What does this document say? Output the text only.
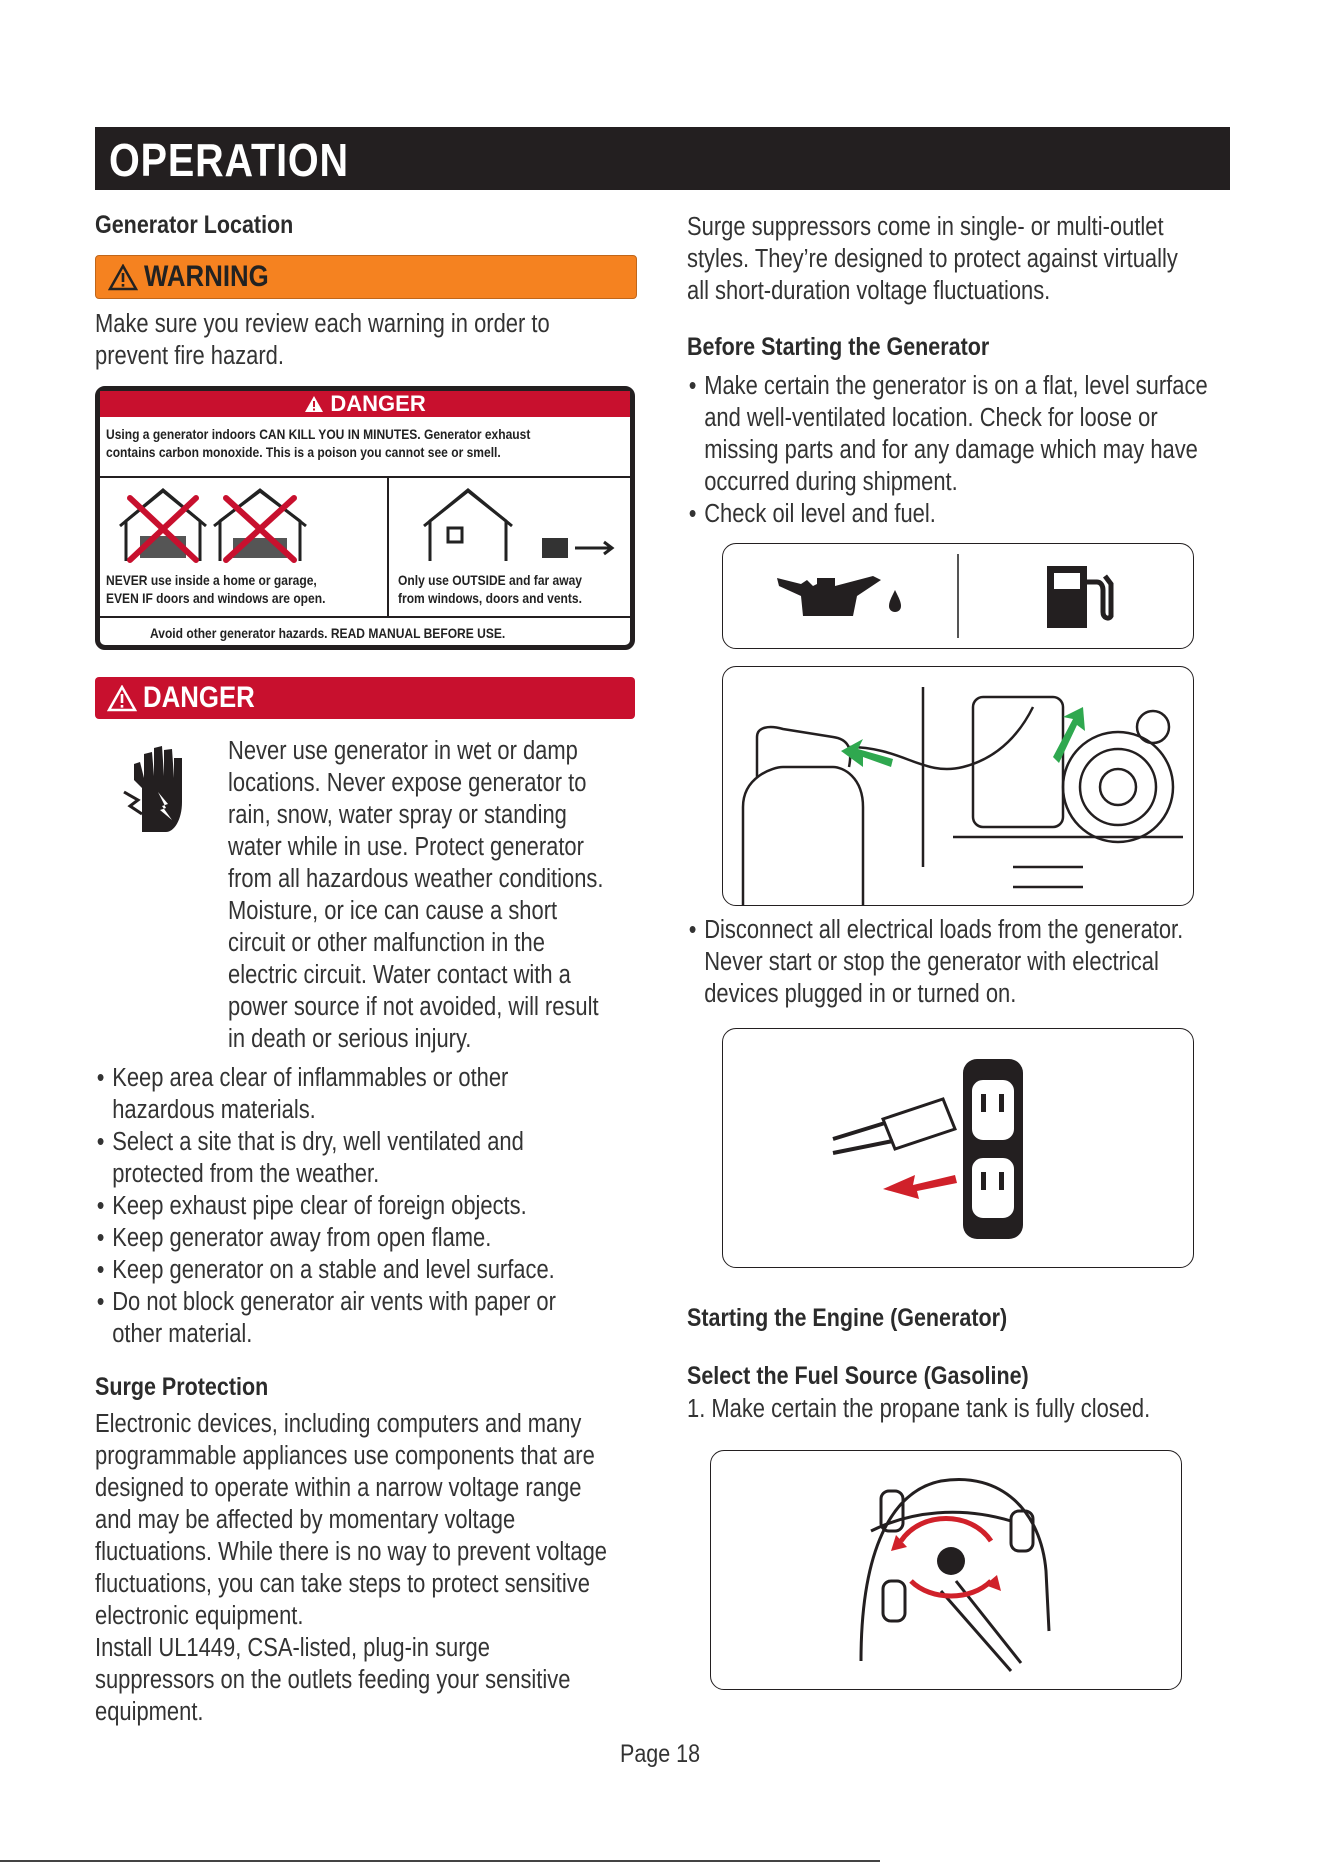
OPERATION
Generator Location
WARNING

Make sure you review each warning in order to

prevent fire hazard.

DANGER
Using a generator indoors CAN KILL YOU IN MINUTES. Generator exhaust
contains carbon monoxide. This is a poison you cannot see or smell.
NEVER use inside a home or garage,
EVEN IF doors and windows are open.
Only use OUTSIDE and far away
from windows, doors and vents.
Avoid other generator hazards. READ MANUAL BEFORE USE.
DANGER

Never use generator in wet or damp

locations. Never expose generator to

rain, snow, water spray or standing

water while in use. Protect generator

from all hazardous weather conditions.

Moisture, or ice can cause a short

circuit or other malfunction in the

electric circuit. Water contact with a

power source if not avoided, will result

in death or serious injury.

• Keep area clear of inflammables or other
hazardous materials.
• Select a site that is dry, well ventilated and
protected from the weather.
• Keep exhaust pipe clear of foreign objects.
• Keep generator away from open flame.
• Keep generator on a stable and level surface.
• Do not block generator air vents with paper or
other material.
Surge Protection

Electronic devices, including computers and many

programmable appliances use components that are

designed to operate within a narrow voltage range

and may be affected by momentary voltage

fluctuations. While there is no way to prevent voltage

fluctuations, you can take steps to protect sensitive

electronic equipment.

Install UL1449, CSA-listed, plug-in surge

suppressors on the outlets feeding your sensitive

equipment.

Surge suppressors come in single- or multi-outlet

styles. They’re designed to protect against virtually

all short-duration voltage fluctuations.

Before Starting the Generator
• Make certain the generator is on a flat, level surface
and well-ventilated location. Check for loose or
missing parts and for any damage which may have
occurred during shipment.
• Check oil level and fuel.
• Disconnect all electrical loads from the generator.
Never start or stop the generator with electrical
devices plugged in or turned on.
Starting the Engine (Generator)
Select the Fuel Source (Gasoline)

1. Make certain the propane tank is fully closed.

Page 18
